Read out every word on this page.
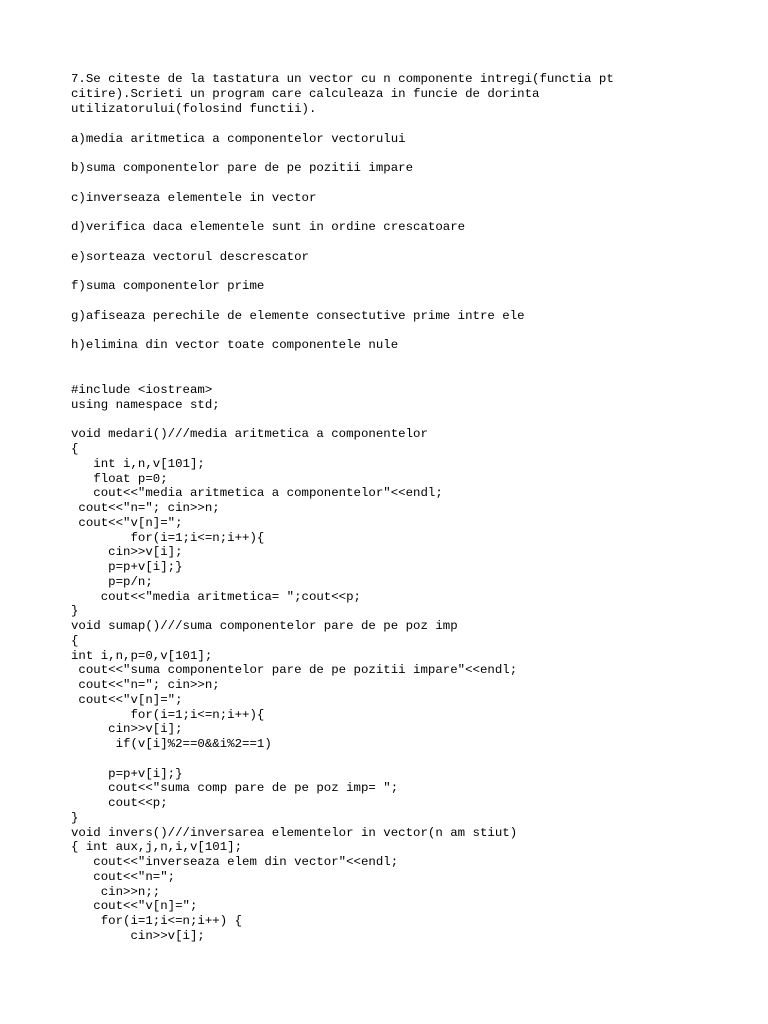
7.Se citeste de la tastatura un vector cu n componente intregi(functia pt
citire).Scrieti un program care calculeaza in funcie de dorinta
utilizatorului(folosind functii).

a)media aritmetica a componentelor vectorului
b)suma componentelor pare de pe pozitii impare
c)inverseaza elementele in vector
d)verifica daca elementele sunt in ordine crescatoare
e)sorteaza vectorul descrescator
f)suma componentelor prime
g)afiseaza perechile de elemente consectutive prime intre ele
h)elimina din vector toate componentele nule
#include <iostream>
using namespace std;
void medari()///media aritmetica a componentelor
{
int i,n,v[101];
float p=0;
cout<<"media aritmetica a componentelor"<<endl;
cout<<"n="; cin>>n;
cout<<"v[n]=";
for(i=1;i<=n;i++){
cin>>v[i];
p=p+v[i];}
p=p/n;
cout<<"media aritmetica= ";cout<<p;
}
void sumap()///suma componentelor pare de pe poz imp
{
int i,n,p=0,v[101];
cout<<"suma componentelor pare de pe pozitii impare"<<endl;
cout<<"n="; cin>>n;
cout<<"v[n]=";
for(i=1;i<=n;i++){
cin>>v[i];
if(v[i]%2==0&&i%2==1)
p=p+v[i];}
cout<<"suma comp pare de pe poz imp= ";
cout<<p;
}
void invers()///inversarea elementelor in vector(n am stiut)
{ int aux,j,n,i,v[101];
cout<<"inverseaza elem din vector"<<endl;
cout<<"n=";
cin>>n;;
cout<<"v[n]=";
for(i=1;i<=n;i++) {
cin>>v[i];
